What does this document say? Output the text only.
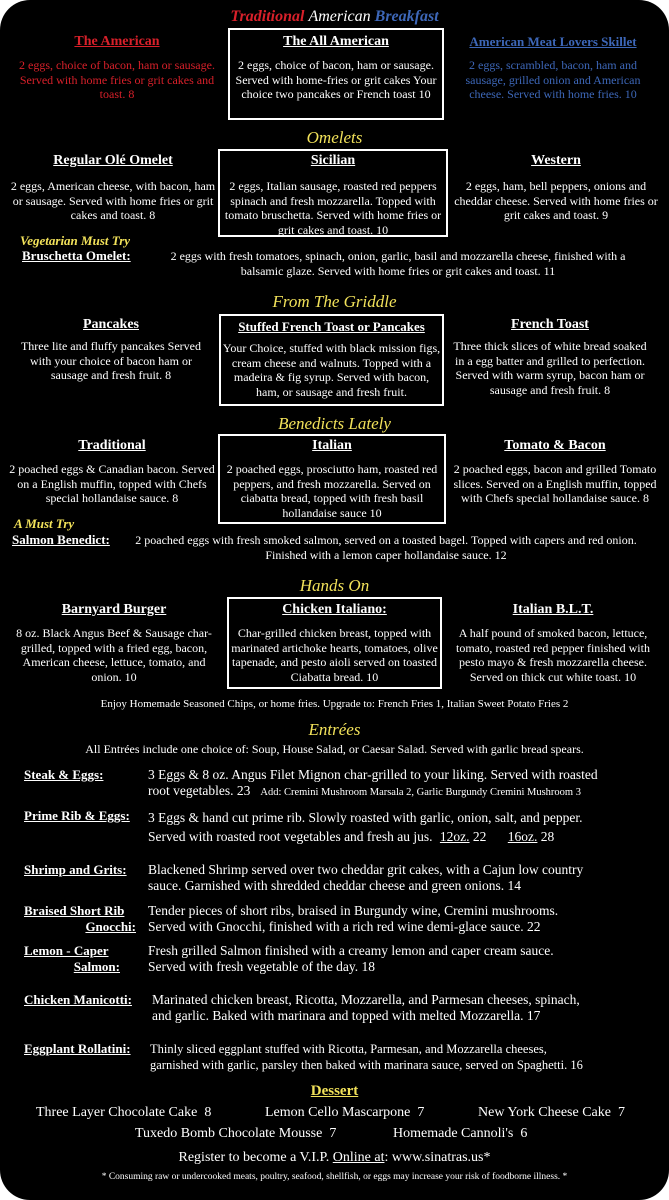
Traditional American Breakfast
The American
2 eggs, choice of bacon, ham or sausage. Served with home fries or grit cakes and toast. 8
The All American
2 eggs, choice of bacon, ham or sausage. Served with home-fries or grit cakes Your choice two pancakes or French toast 10
American Meat Lovers Skillet
2 eggs, scrambled, bacon, ham and sausage, grilled onion and American cheese. Served with home fries. 10
Omelets
Regular Olé Omelet
2 eggs, American cheese, with bacon, ham or sausage. Served with home fries or grit cakes and toast. 8
Sicilian
2 eggs, Italian sausage, roasted red peppers spinach and fresh mozzarella. Topped with tomato bruschetta. Served with home fries or grit cakes and toast. 10
Western
2 eggs, ham, bell peppers, onions and cheddar cheese. Served with home fries or grit cakes and toast. 9
Vegetarian Must Try
Bruschetta Omelet:	2 eggs with fresh tomatoes, spinach, onion, garlic, basil and mozzarella cheese, finished with a balsamic glaze. Served with home fries or grit cakes and toast. 11
From The Griddle
Pancakes
Three lite and fluffy pancakes Served with your choice of bacon ham or sausage and fresh fruit. 8
Stuffed French Toast or Pancakes
Your Choice, stuffed with black mission figs, cream cheese and walnuts. Topped with a madeira & fig syrup. Served with bacon, ham, or sausage and fresh fruit.
French Toast
Three thick slices of white bread soaked in a egg batter and grilled to perfection. Served with warm syrup, bacon ham or sausage and fresh fruit. 8
Benedicts Lately
Traditional
2 poached eggs & Canadian bacon. Served on a English muffin, topped with Chefs special hollandaise sauce. 8
Italian
2 poached eggs, prosciutto ham, roasted red peppers, and fresh mozzarella. Served on ciabatta bread, topped with fresh basil hollandaise sauce 10
Tomato & Bacon
2 poached eggs, bacon and grilled Tomato slices. Served on a English muffin, topped with Chefs special hollandaise sauce. 8
A Must Try
Salmon Benedict:	2 poached eggs with fresh smoked salmon, served on a toasted bagel. Topped with capers and red onion. Finished with a lemon caper hollandaise sauce. 12
Hands On
Barnyard Burger
8 oz. Black Angus Beef & Sausage char-grilled, topped with a fried egg, bacon, American cheese, lettuce, tomato, and onion. 10
Chicken Italiano:
Char-grilled chicken breast, topped with marinated artichoke hearts, tomatoes, olive tapenade, and pesto aioli served on toasted Ciabatta bread. 10
Italian B.L.T.
A half pound of smoked bacon, lettuce, tomato, roasted red pepper finished with pesto mayo & fresh mozzarella cheese. Served on thick cut white toast. 10
Enjoy Homemade Seasoned Chips, or home fries. Upgrade to: French Fries 1, Italian Sweet Potato Fries 2
Entrées
All Entrées include one choice of: Soup, House Salad, or Caesar Salad. Served with garlic bread spears.
Steak & Eggs:	3 Eggs & 8 oz. Angus Filet Mignon char-grilled to your liking. Served with roasted
root vegetables. 23 Add: Cremini Mushroom Marsala 2, Garlic Burgundy Cremini Mushroom 3
Prime Rib & Eggs: 3 Eggs & hand cut prime rib. Slowly roasted with garlic, onion, salt, and pepper.
Served with roasted root vegetables and fresh au jus. 12oz. 22 16oz. 28
Shrimp and Grits: Blackened Shrimp served over two cheddar grit cakes, with a Cajun low country
sauce. Garnished with shredded cheddar cheese and green onions. 14
Braised Short Rib
Gnocchi:
Tender pieces of short ribs, braised in Burgundy wine, Cremini mushrooms.
Served with Gnocchi, finished with a rich red wine demi-glace sauce. 22
Lemon - Caper
Salmon:
Fresh grilled Salmon finished with a creamy lemon and caper cream sauce.
Served with fresh vegetable of the day. 18
Chicken Manicotti: Marinated chicken breast, Ricotta, Mozzarella, and Parmesan cheeses, spinach,
and garlic. Baked with marinara and topped with melted Mozzarella. 17
Eggplant Rollatini: Thinly sliced eggplant stuffed with Ricotta, Parmesan, and Mozzarella cheeses,
garnished with garlic, parsley then baked with marinara sauce, served on Spaghetti. 16
Dessert
Three Layer Chocolate Cake 8	Lemon Cello Mascarpone 7	New York Cheese Cake 7
Tuxedo Bomb Chocolate Mousse 7	Homemade Cannoli's 6
Register to become a V.I.P. Online at: www.sinatras.us*
* Consuming raw or undercooked meats, poultry, seafood, shellfish, or eggs may increase your risk of foodborne illness. *
